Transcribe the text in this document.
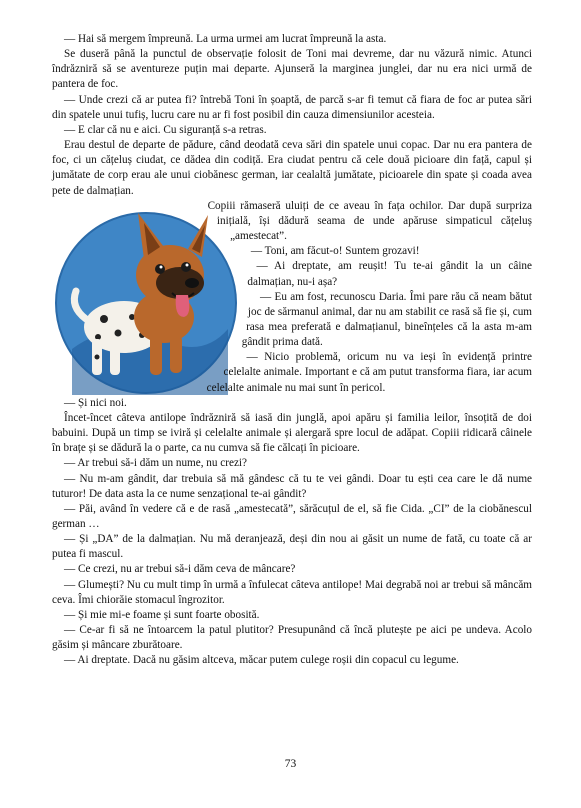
— Hai să mergem împreună. La urma urmei am lucrat împreună la asta.

Se duseră până la punctul de observație folosit de Toni mai devreme, dar nu văzură nimic. Atunci îndrăzniră să se aventureze puțin mai departe. Ajunseră la marginea junglei, dar nu era nici urmă de pantera de foc.

— Unde crezi că ar putea fi? întrebă Toni în șoaptă, de parcă s-ar fi temut că fiara de foc ar putea sări din spatele unui tufiș, lucru care nu ar fi fost posibil din cauza dimensiunilor acesteia.

— E clar că nu e aici. Cu siguranță s-a retras.

Erau destul de departe de pădure, când deodată ceva sări din spatele unui copac. Dar nu era pantera de foc, ci un cățeluș ciudat, ce dădea din codiță. Era ciudat pentru că cele două picioare din față, capul și jumătate de corp erau ale unui ciobănesc german, iar cealaltă jumătate, picioarele din spate și coada avea pete de dalmațian.

Copiii rămaseră uluiți de ce aveau în fața ochilor. Dar după surpriza inițială, își dădură seama de unde apăruse simpaticul cățeluș „amestecat”.

— Toni, am făcut-o! Suntem grozavi!

— Ai dreptate, am reușit! Tu te-ai gândit la un câine dalmațian, nu-i așa?

— Eu am fost, recunoscu Daria. Îmi pare rău că neam bătut joc de sărmanul animal, dar nu am stabilit ce rasă să fie și, cum rasa mea preferată e dalmațianul, bineînțeles că la asta m-am gândit prima dată.

— Nicio problemă, oricum nu va ieși în evidență printre celelalte animale. Important e că am putut transforma fiara, iar acum celelalte animale nu mai sunt în pericol.

— Și nici noi.

Încet-încet câteva antilope îndrăzniră să iasă din junglă, apoi apăru și familia leilor, însoțită de doi babuini. După un timp se iviră și celelalte animale și alergară spre locul de adăpat. Copiii ridicară câinele în brațe și se dădură la o parte, ca nu cumva să fie călcați în picioare.

— Ar trebui să-i dăm un nume, nu crezi?

— Nu m-am gândit, dar trebuia să mă gândesc că tu te vei gândi. Doar tu ești cea care le dă nume tuturor! De data asta la ce nume senzațional te-ai gândit?

— Păi, având în vedere că e de rasă „amestecată”, sărăcuțul de el, să fie Cida. „CI” de la ciobănescul german …

— Și „DA” de la dalmațian. Nu mă deranjează, deși din nou ai găsit un nume de fată, cu toate că ar putea fi mascul.

— Ce crezi, nu ar trebui să-i dăm ceva de mâncare?

— Glumești? Nu cu mult timp în urmă a înfulecat câteva antilope! Mai degrabă noi ar trebui să mâncăm ceva. Îmi chiorăie stomacul îngrozitor.

— Și mie mi-e foame și sunt foarte obosită.

— Ce-ar fi să ne întoarcem la patul plutitor? Presupunând că încă plutește pe aici pe undeva. Acolo găsim și mâncare zburătoare.

— Ai dreptate. Dacă nu găsim altceva, măcar putem culege roșii din copacul cu legume.

73
